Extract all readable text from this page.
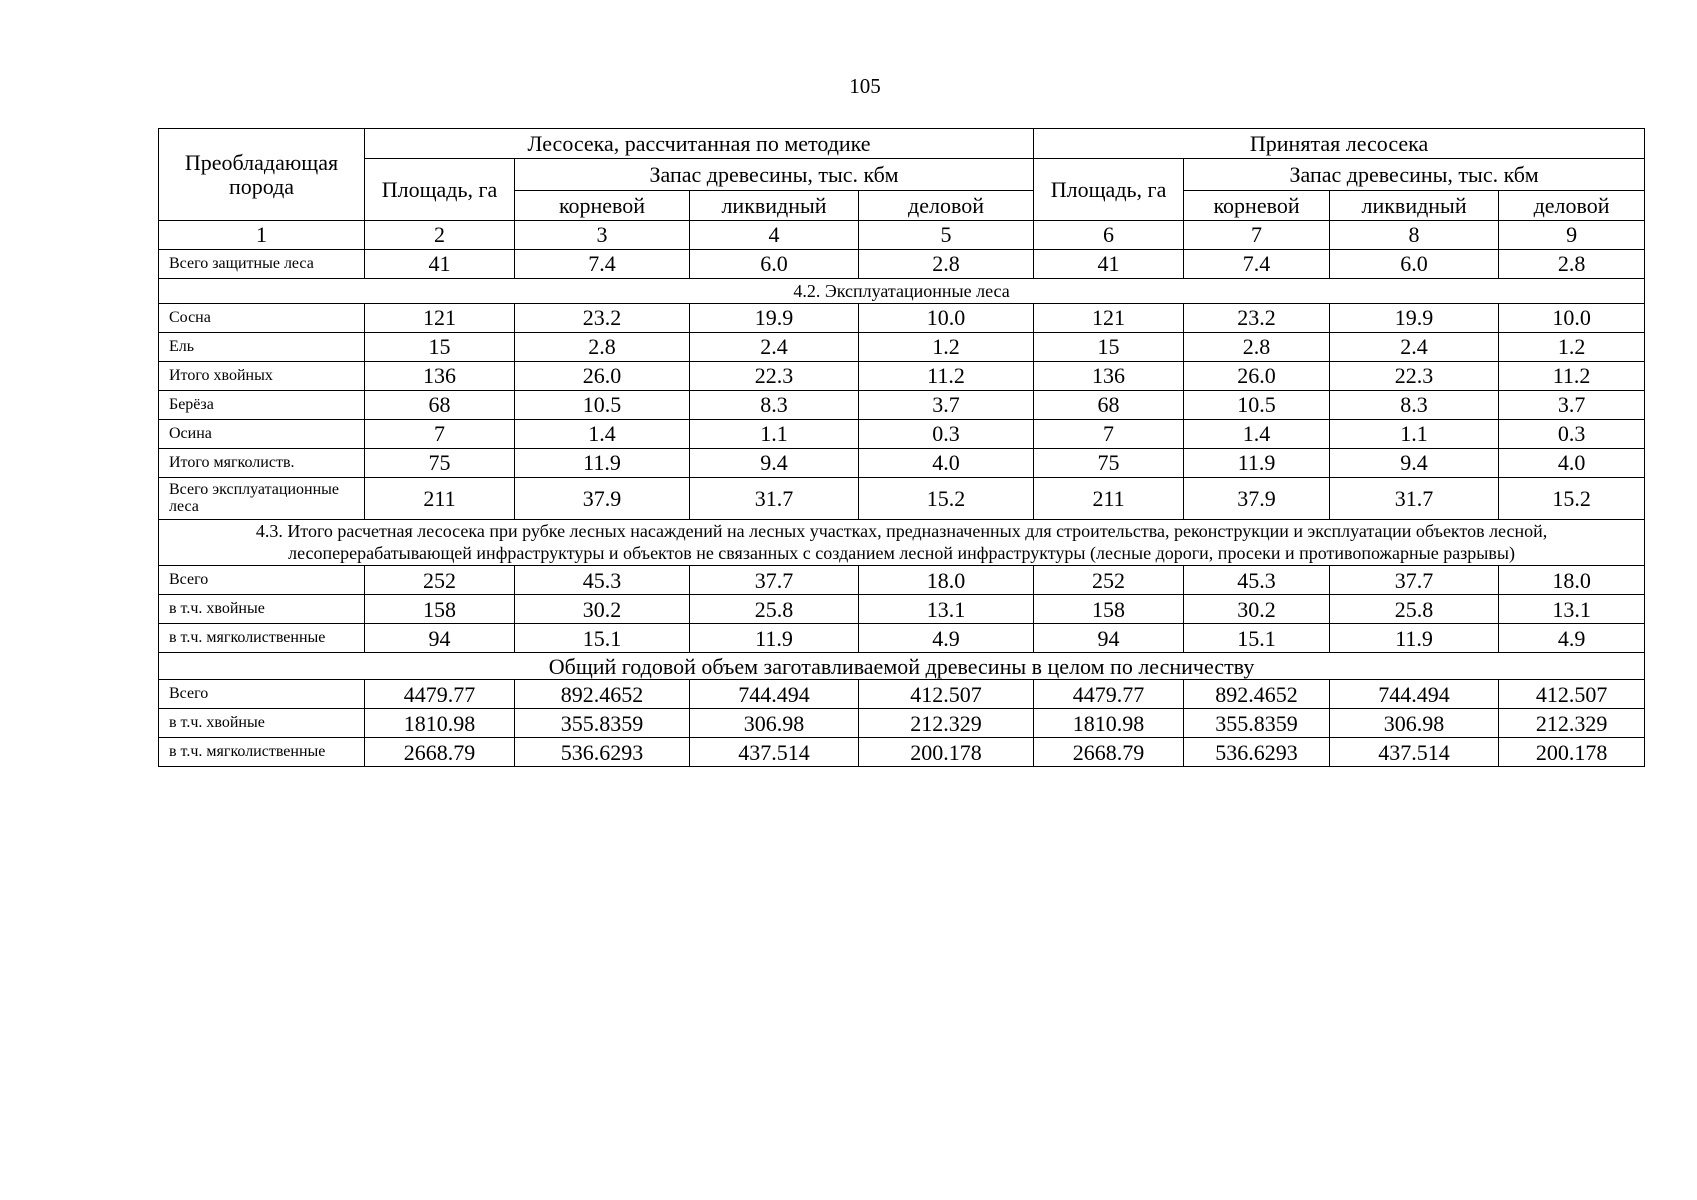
105
Преобладающая порода	Лесосека, рассчитанная по методике				Принятая лесосека			
	Площадь, га	Запас древесины, тыс. кбм			Площадь, га	Запас древесины, тыс. кбм		
		корневой	ликвидный	деловой		корневой	ликвидный	деловой
1	2	3	4	5	6	7	8	9
Всего защитные леса	41	7.4	6.0	2.8	41	7.4	6.0	2.8
4.2. Эксплуатационные леса								
Сосна	121	23.2	19.9	10.0	121	23.2	19.9	10.0
Ель	15	2.8	2.4	1.2	15	2.8	2.4	1.2
Итого хвойных	136	26.0	22.3	11.2	136	26.0	22.3	11.2
Берёза	68	10.5	8.3	3.7	68	10.5	8.3	3.7
Осина	7	1.4	1.1	0.3	7	1.4	1.1	0.3
Итого мягколиств.	75	11.9	9.4	4.0	75	11.9	9.4	4.0
Всего эксплуатационные леса	211	37.9	31.7	15.2	211	37.9	31.7	15.2
4.3. Итого расчетная лесосека при рубке лесных насаждений на лесных участках, предназначенных для строительства, реконструкции и эксплуатации объектов лесной, лесоперерабатывающей инфраструктуры и объектов не связанных с созданием лесной инфраструктуры (лесные дороги, просеки и противопожарные разрывы)								
Всего	252	45.3	37.7	18.0	252	45.3	37.7	18.0
в т.ч. хвойные	158	30.2	25.8	13.1	158	30.2	25.8	13.1
в т.ч. мягколиственные	94	15.1	11.9	4.9	94	15.1	11.9	4.9
Общий годовой объем заготавливаемой древесины в целом по лесничеству								
Всего	4479.77	892.4652	744.494	412.507	4479.77	892.4652	744.494	412.507
в т.ч. хвойные	1810.98	355.8359	306.98	212.329	1810.98	355.8359	306.98	212.329
в т.ч. мягколиственные	2668.79	536.6293	437.514	200.178	2668.79	536.6293	437.514	200.178
